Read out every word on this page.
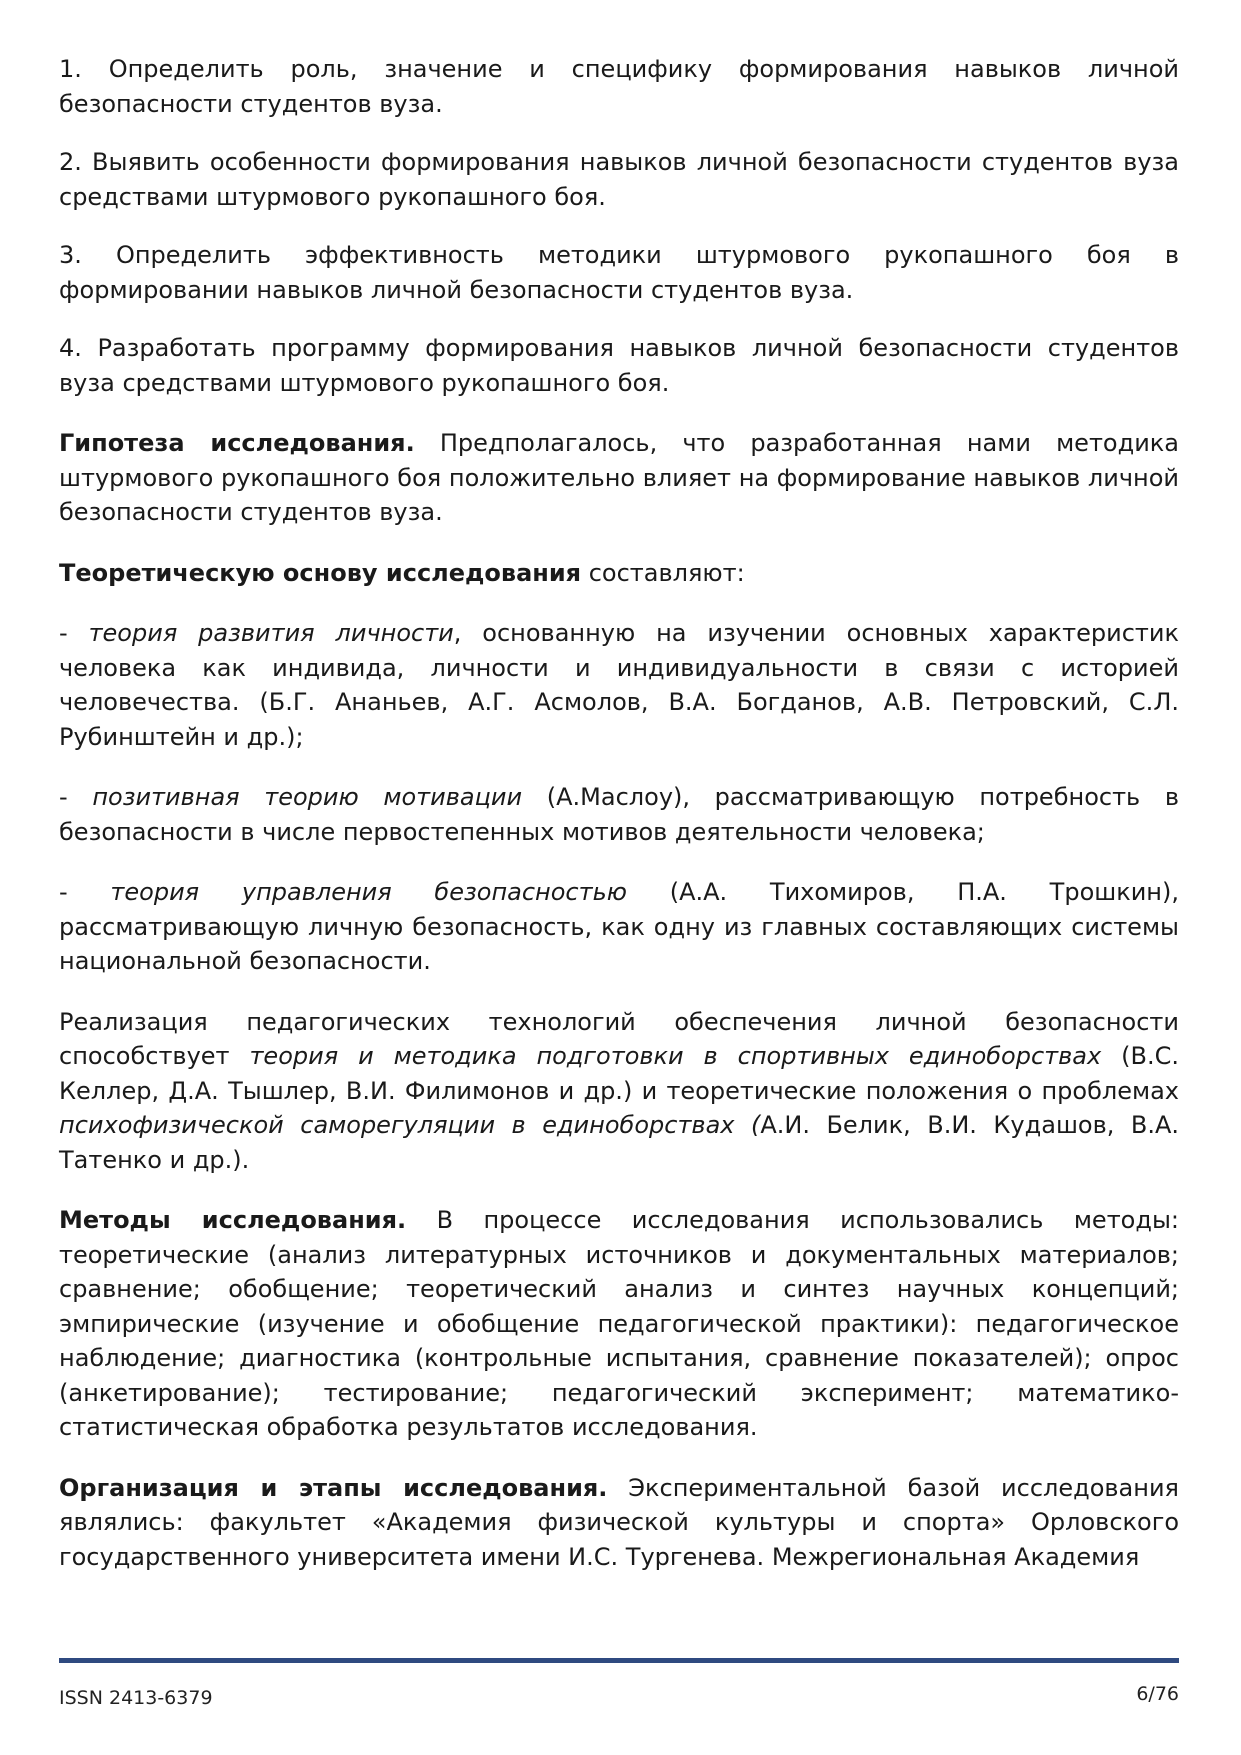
1. Определить роль, значение и специфику формирования навыков личной безопасности студентов вуза.

2. Выявить особенности формирования навыков личной безопасности студентов вуза средствами штурмового рукопашного боя.

3. Определить эффективность методики штурмового рукопашного боя в формировании навыков личной безопасности студентов вуза.

4. Разработать программу формирования навыков личной безопасности студентов вуза средствами штурмового рукопашного боя.

Гипотеза исследования. Предполагалось, что разработанная нами методика штурмового рукопашного боя положительно влияет на формирование навыков личной безопасности студентов вуза.

Теоретическую основу исследования составляют:

- теория развития личности, основанную на изучении основных характеристик человека как индивида, личности и индивидуальности в связи с историей человечества. (Б.Г. Ананьев, А.Г. Асмолов, В.А. Богданов, А.В. Петровский, С.Л. Рубинштейн и др.);

- позитивная теорию мотивации (А.Маслоу), рассматривающую потребность в безопасности в числе первостепенных мотивов деятельности человека;

- теория управления безопасностью (А.А. Тихомиров, П.А. Трошкин), рассматривающую личную безопасность, как одну из главных составляющих системы национальной безопасности.

Реализация педагогических технологий обеспечения личной безопасности способствует теория и методика подготовки в спортивных единоборствах (В.С. Келлер, Д.А. Тышлер, В.И. Филимонов и др.) и теоретические положения о проблемах психофизической саморегуляции в единоборствах (А.И. Белик, В.И. Кудашов, В.А. Татенко и др.).

Методы исследования. В процессе исследования использовались методы: теоретические (анализ литературных источников и документальных материалов; сравнение; обобщение; теоретический анализ и синтез научных концепций; эмпирические (изучение и обобщение педагогической практики): педагогическое наблюдение; диагностика (контрольные испытания, сравнение показателей); опрос (анкетирование); тестирование; педагогический эксперимент; математико-статистическая обработка результатов исследования.

Организация и этапы исследования. Экспериментальной базой исследования являлись: факультет «Академия физической культуры и спорта» Орловского государственного университета имени И.С. Тургенева. Межрегиональная Академия

ISSN 2413-6379	6/76
